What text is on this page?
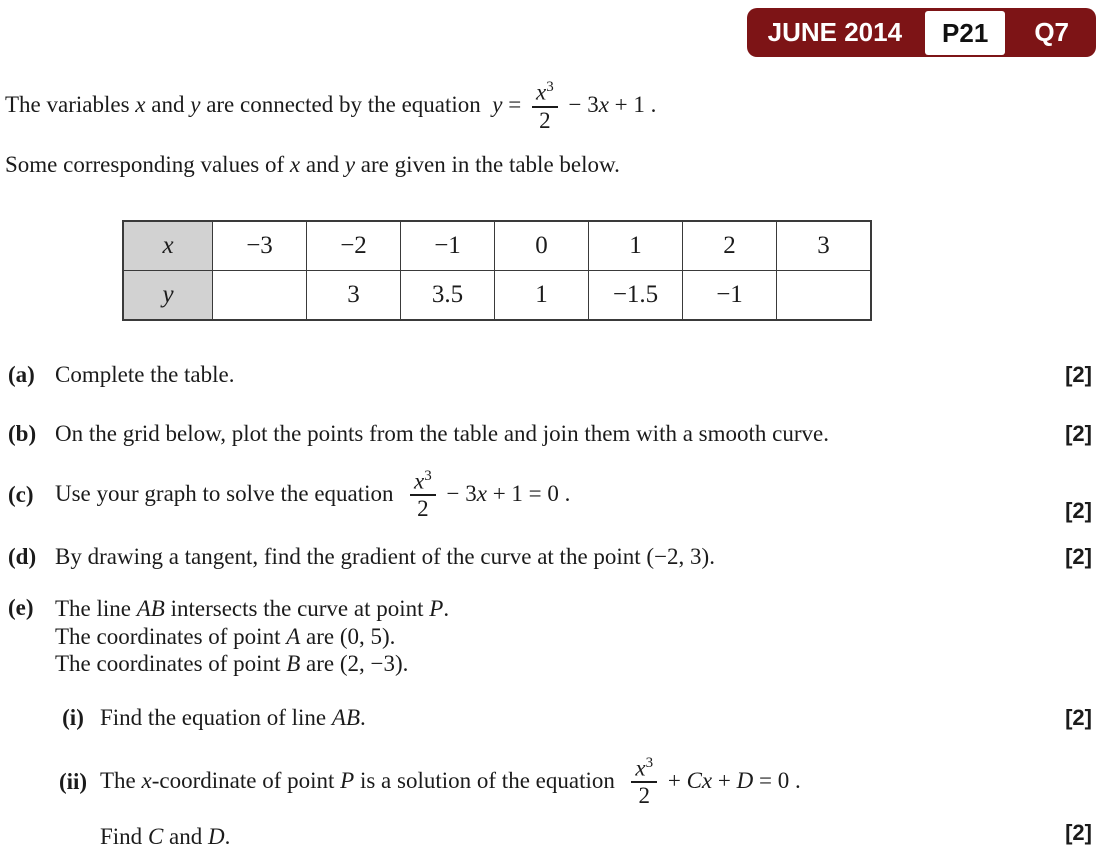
JUNE 2014	P21	Q7
The variables x and y are connected by the equation $y = \frac{x^3}{2} - 3x + 1$ .
Some corresponding values of x and y are given in the table below.
x	−3	−2	−1	0	1	2	3
y		3	3.5	1	−1.5	−1	
(a) Complete the table.	[2]
(b) On the grid below, plot the points from the table and join them with a smooth curve.	[2]
(c) Use your graph to solve the equation  $\frac{x^3}{2} - 3x + 1 = 0$ .
[2]
(d) By drawing a tangent, find the gradient of the curve at the point (−2, 3).	[2]
(e) The line AB intersects the curve at point P.
The coordinates of point A are (0, 5).
The coordinates of point B are (2, −3).
(i) Find the equation of line AB.	[2]
(ii) The x-coordinate of point P is a solution of the equation  $\frac{x^3}{2} + Cx + D = 0$ .
Find C and D.	[2]
